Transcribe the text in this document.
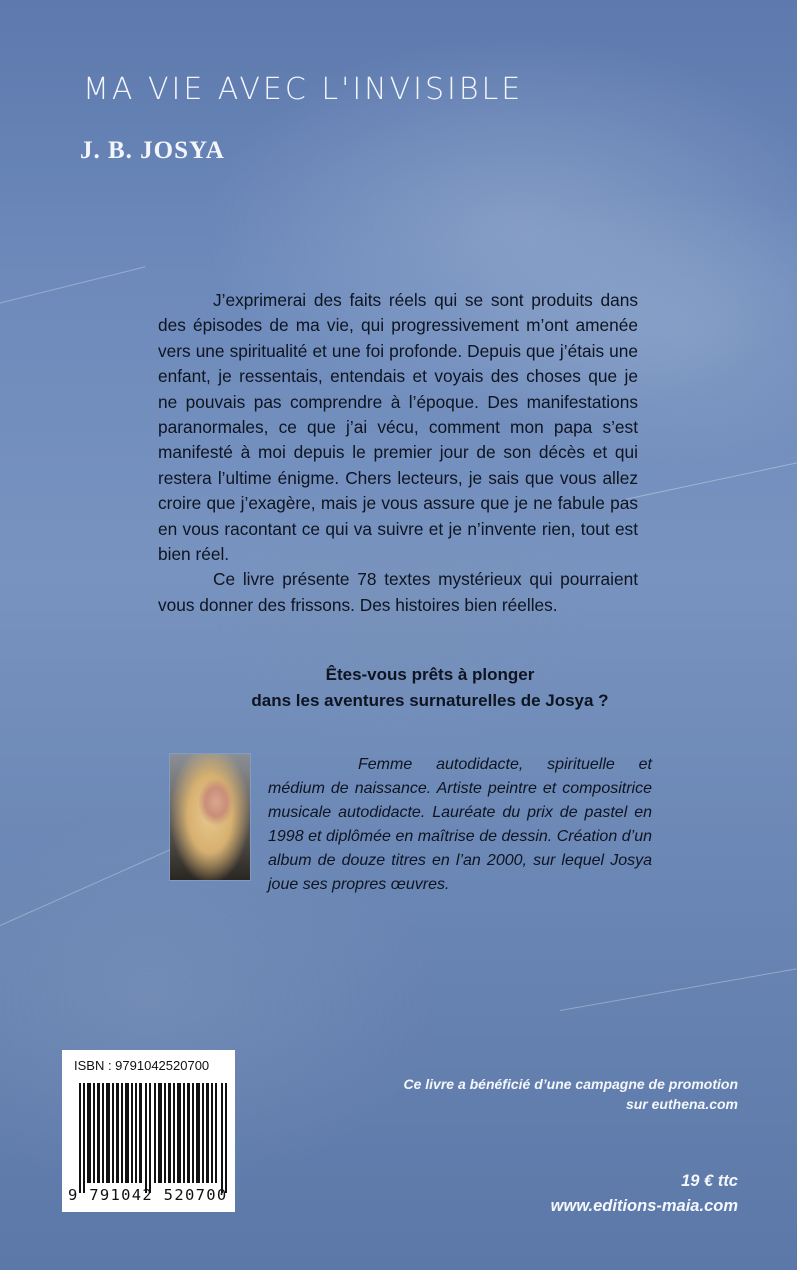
MA VIE AVEC L'INVISIBLE
J. B. JOSYA

J’exprimerai des faits réels qui se sont produits dans des épisodes de ma vie, qui progressivement m’ont amenée vers une spiritualité et une foi profonde. Depuis que j’étais une enfant, je ressentais, entendais et voyais des choses que je ne pouvais pas comprendre à l’époque. Des manifestations paranormales, ce que j’ai vécu, comment mon papa s’est manifesté à moi depuis le premier jour de son décès et qui restera l’ultime énigme. Chers lecteurs, je sais que vous allez croire que j’exagère, mais je vous assure que je ne fabule pas en vous racontant ce qui va suivre et je n’invente rien, tout est bien réel.

Ce livre présente 78 textes mystérieux qui pourraient vous donner des frissons. Des histoires bien réelles.

Êtes-vous prêts à plonger
dans les aventures surnaturelles de Josya ?

Femme autodidacte, spirituelle et médium de naissance. Artiste peintre et compositrice musicale autodidacte. Lauréate du prix de pastel en 1998 et diplômée en maîtrise de dessin. Création d’un album de douze titres en l’an 2000, sur lequel Josya joue ses propres œuvres.

ISBN : 9791042520700

9 791042 520700
Ce livre a bénéficié d’une campagne de promotion
sur euthena.com
19 € ttc
www.editions-maia.com
